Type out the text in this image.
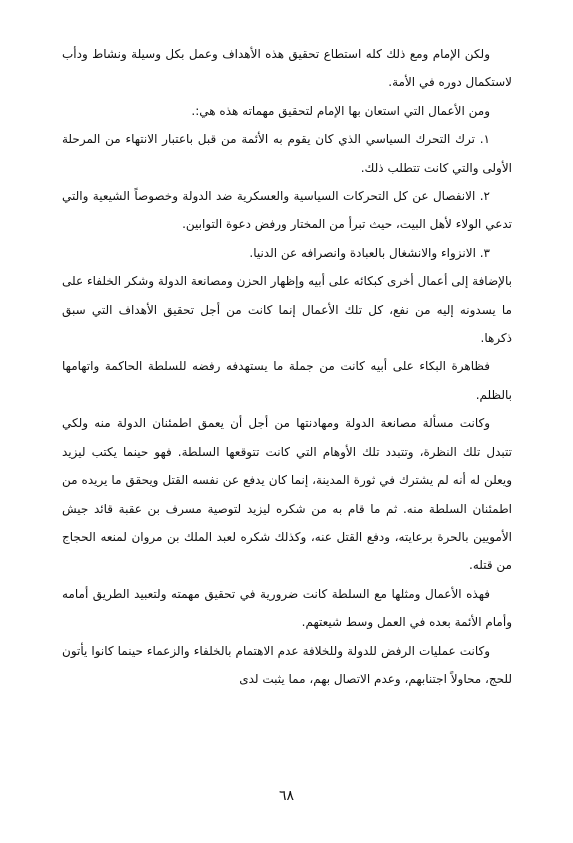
ولكن الإمام ومع ذلك كله استطاع تحقيق هذه الأهداف وعمل بكل وسيلة ونشاط ودأب لاستكمال دوره في الأمة.

ومن الأعمال التي استعان بها الإمام لتحقيق مهماته هذه هي:.

١. ترك التحرك السياسي الذي كان يقوم به الأئمة من قبل باعتبار الانتهاء من المرحلة الأولى والتي كانت تتطلب ذلك.

٢. الانفصال عن كل التحركات السياسية والعسكرية ضد الدولة وخصوصاً الشيعية والتي تدعي الولاء لأهل البيت، حيث تبرأ من المختار ورفض دعوة التوابين.

٣. الانزواء والانشغال بالعبادة وانصرافه عن الدنيا.

بالإضافة إلى أعمال أخرى كبكائه على أبيه وإظهار الحزن ومصانعة الدولة وشكر الخلفاء على ما يسدونه إليه من نفع، كل تلك الأعمال إنما كانت من أجل تحقيق الأهداف التي سبق ذكرها.

فظاهرة البكاء على أبيه كانت من جملة ما يستهدفه رفضه للسلطة الحاكمة واتهامها بالظلم.

وكانت مسألة مصانعة الدولة ومهادنتها من أجل أن يعمق اطمئنان الدولة منه ولكي تتبدل تلك النظرة، وتتبدد تلك الأوهام التي كانت تتوقعها السلطة. فهو حينما يكتب ليزيد ويعلن له أنه لم يشترك في ثورة المدينة، إنما كان يدفع عن نفسه القتل ويحقق ما يريده من اطمئنان السلطة منه. ثم ما قام به من شكره ليزيد لتوصية مسرف بن عقبة قائد جيش الأمويين بالحرة برعايته، ودفع القتل عنه، وكذلك شكره لعبد الملك بن مروان لمنعه الحجاج من قتله.

فهذه الأعمال ومثلها مع السلطة كانت ضرورية في تحقيق مهمته ولتعبيد الطريق أمامه وأمام الأئمة بعده في العمل وسط شيعتهم.

وكانت عمليات الرفض للدولة وللخلافة عدم الاهتمام بالخلفاء والزعماء حينما كانوا يأتون للحج، محاولاً اجتنابهم، وعدم الاتصال بهم، مما يثبت لدى

٦٨
